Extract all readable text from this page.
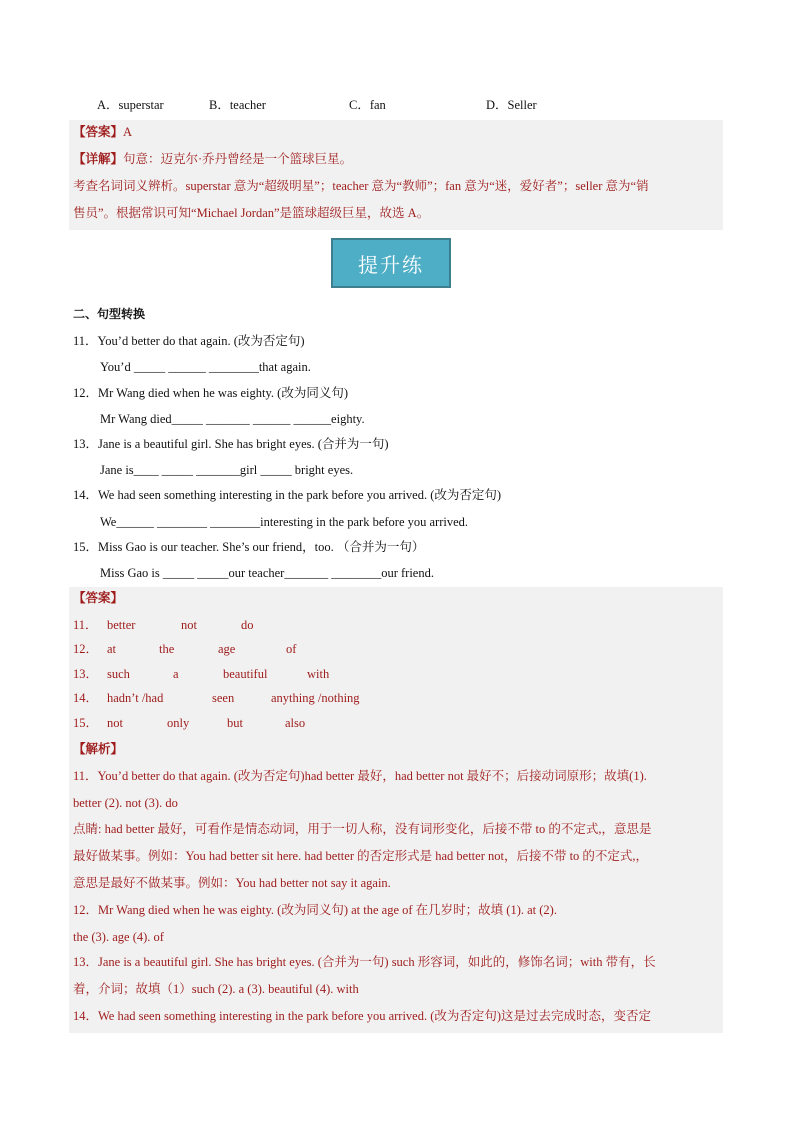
A．superstar	B．teacher	C．fan	D．Seller
【答案】A
【详解】句意：迈克尔·乔丹曾经是一个篮球巨星。
考查名词词义辨析。superstar 意为“超级明星”；teacher 意为“教师”；fan 意为“迷，爱好者”；seller 意为“销
售员”。根据常识可知“Michael Jordan”是篮球超级巨星，故选 A。
提升练
二、句型转换
11．You’d better do that again. (改为否定句)
You’d _____ ______ ________that again.
12．Mr Wang died when he was eighty. (改为同义句)
Mr Wang died_____ _______ ______ ______eighty.
13．Jane is a beautiful girl. She has bright eyes. (合并为一句)
Jane is____ _____ _______girl _____ bright eyes.
14．We had seen something interesting in the park before you arrived. (改为否定句)
We______ ________ ________interesting in the park before you arrived.
15．Miss Gao is our teacher. She’s our friend，too. （合并为一句）
Miss Gao is _____ _____our teacher_______ ________our friend.
【答案】
11． better	not	do
12． at	the	age	of
13． such	a	beautiful	with
14． hadn’t /had	seen	anything /nothing
15． not	only	but	also
【解析】
11．You’d better do that again. (改为否定句)had better 最好，had better not 最好不；后接动词原形；故填(1).
better (2). not (3). do
点睛: had better 最好，可看作是情态动词，用于一切人称，没有词形变化，后接不带 to 的不定式,，意思是
最好做某事。例如：You had better sit here. had better 的否定形式是 had better not，后接不带 to 的不定式,，
意思是最好不做某事。例如：You had better not say it again.
12．Mr Wang died when he was eighty. (改为同义句) at the age of 在几岁时；故填 (1). at (2).
the (3). age (4). of
13．Jane is a beautiful girl. She has bright eyes. (合并为一句) such 形容词，如此的，修饰名词；with 带有，长
着，介词；故填（1）such (2). a (3). beautiful (4). with
14．We had seen something interesting in the park before you arrived. (改为否定句)这是过去完成时态，变否定
